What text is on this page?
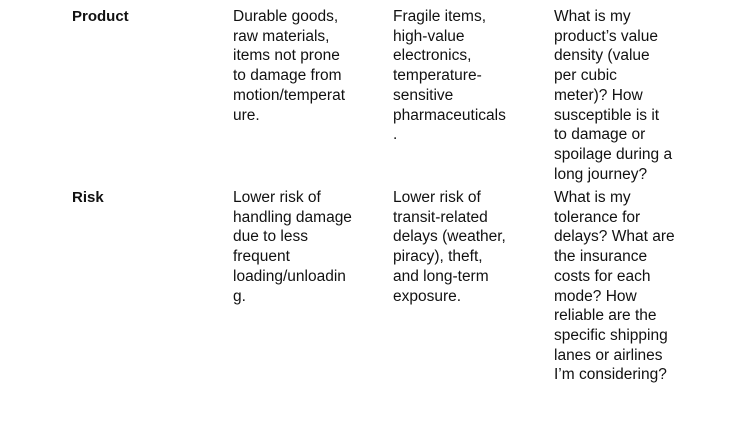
Product	Durable goods,
raw materials,
items not prone
to damage from
motion/temperat
ure.
Fragile items,
high-value
electronics,
temperature-
sensitive
pharmaceuticals
.
What is my
product’s value
density (value
per cubic
meter)? How
susceptible is it
to damage or
spoilage during a
long journey?
Risk	Lower risk of
handling damage
due to less
frequent
loading/unloadin
g.
Lower risk of
transit-related
delays (weather,
piracy), theft,
and long-term
exposure.
What is my
tolerance for
delays? What are
the insurance
costs for each
mode? How
reliable are the
specific shipping
lanes or airlines
I’m considering?
